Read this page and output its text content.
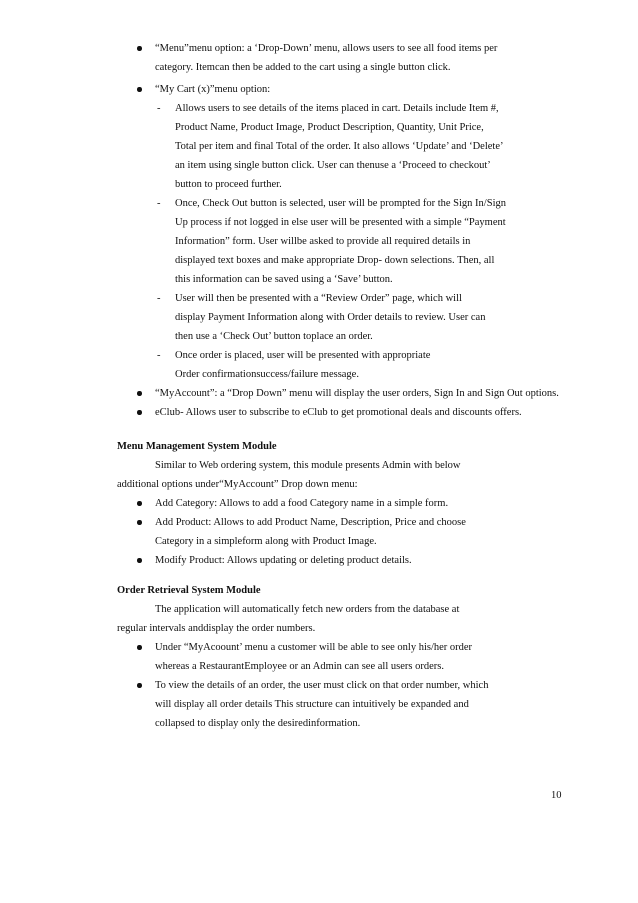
“Menu”menu option: a ‘Drop-Down’ menu, allows users to see all food items per
category. Itemcan then be added to the cart using a single button click.
“My Cart (x)”menu option:
- Allows users to see details of the items placed in cart. Details include Item #,
Product Name, Product Image, Product Description, Quantity, Unit Price,
Total per item and final Total of the order. It also allows ‘Update’ and ‘Delete’
an item using single button click. User can thenuse a ‘Proceed to checkout’
button to proceed further.
- Once, Check Out button is selected, user will be prompted for the Sign In/Sign
Up process if not logged in else user will be presented with a simple “Payment
Information” form. User willbe asked to provide all required details in
displayed text boxes and make appropriate Drop- down selections. Then, all
this information can be saved using a ‘Save’ button.
- User will then be presented with a “Review Order” page, which will
display Payment Information along with Order details to review. User can
then use a ‘Check Out’ button toplace an order.
- Once order is placed, user will be presented with appropriate
Order confirmationsuccess/failure message.
“MyAccount”: a “Drop Down” menu will display the user orders, Sign In and Sign Out options.
eClub- Allows user to subscribe to eClub to get promotional deals and discounts offers.
Menu Management System Module
Similar to Web ordering system, this module presents Admin with below
additional options under“MyAccount” Drop down menu:
Add Category: Allows to add a food Category name in a simple form.
Add Product: Allows to add Product Name, Description, Price and choose
Category in a simpleform along with Product Image.
Modify Product: Allows updating or deleting product details.
Order Retrieval System Module
The application will automatically fetch new orders from the database at
regular intervals anddisplay the order numbers.
Under “MyAcoount’ menu a customer will be able to see only his/her order
whereas a RestaurantEmployee or an Admin can see all users orders.
To view the details of an order, the user must click on that order number, which
will display all order details This structure can intuitively be expanded and
collapsed to display only the desiredinformation.
10
